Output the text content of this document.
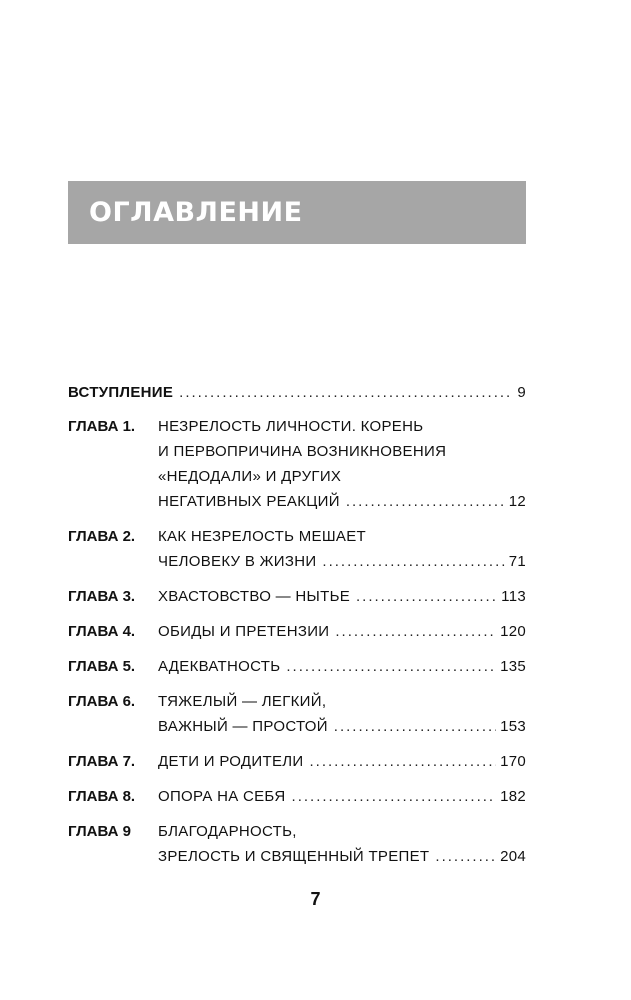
ОГЛАВЛЕНИЕ
ВСТУПЛЕНИЕ .....	9
ГЛАВА 1.	НЕЗРЕЛОСТЬ ЛИЧНОСТИ. КОРЕНЬ
И ПЕРВОПРИЧИНА ВОЗНИКНОВЕНИЯ
«НЕДОДАЛИ» И ДРУГИХ
НЕГАТИВНЫХ РЕАКЦИЙ .....	12
ГЛАВА 2.	КАК НЕЗРЕЛОСТЬ МЕШАЕТ
ЧЕЛОВЕКУ В ЖИЗНИ .....	71
ГЛАВА 3.	ХВАСТОВСТВО — НЫТЬЕ .....	113
ГЛАВА 4.	ОБИДЫ И ПРЕТЕНЗИИ .....	120
ГЛАВА 5.	АДЕКВАТНОСТЬ .....	135
ГЛАВА 6.	ТЯЖЕЛЫЙ — ЛЕГКИЙ,
ВАЖНЫЙ — ПРОСТОЙ .....	153
ГЛАВА 7.	ДЕТИ И РОДИТЕЛИ .....	170
ГЛАВА 8.	ОПОРА НА СЕБЯ .....	182
ГЛАВА 9	БЛАГОДАРНОСТЬ,
ЗРЕЛОСТЬ И СВЯЩЕННЫЙ ТРЕПЕТ .....	204
7
